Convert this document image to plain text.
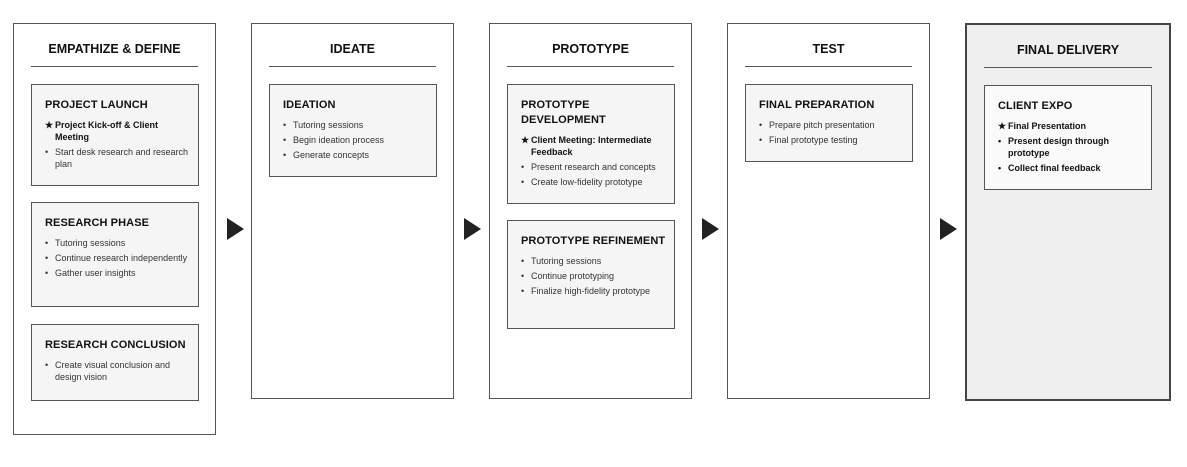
EMPATHIZE & DEFINE
PROJECT LAUNCH
★ Project Kick-off & Client Meeting
• Start desk research and research plan
RESEARCH PHASE
• Tutoring sessions
• Continue research independently
• Gather user insights
RESEARCH CONCLUSION
• Create visual conclusion and design vision
IDEATE
IDEATION
• Tutoring sessions
• Begin ideation process
• Generate concepts
PROTOTYPE
PROTOTYPE DEVELOPMENT
★ Client Meeting: Intermediate Feedback
• Present research and concepts
• Create low-fidelity prototype
PROTOTYPE REFINEMENT
• Tutoring sessions
• Continue prototyping
• Finalize high-fidelity prototype
TEST
FINAL PREPARATION
• Prepare pitch presentation
• Final prototype testing
FINAL DELIVERY
CLIENT EXPO
★ Final Presentation
• Present design through prototype
• Collect final feedback
